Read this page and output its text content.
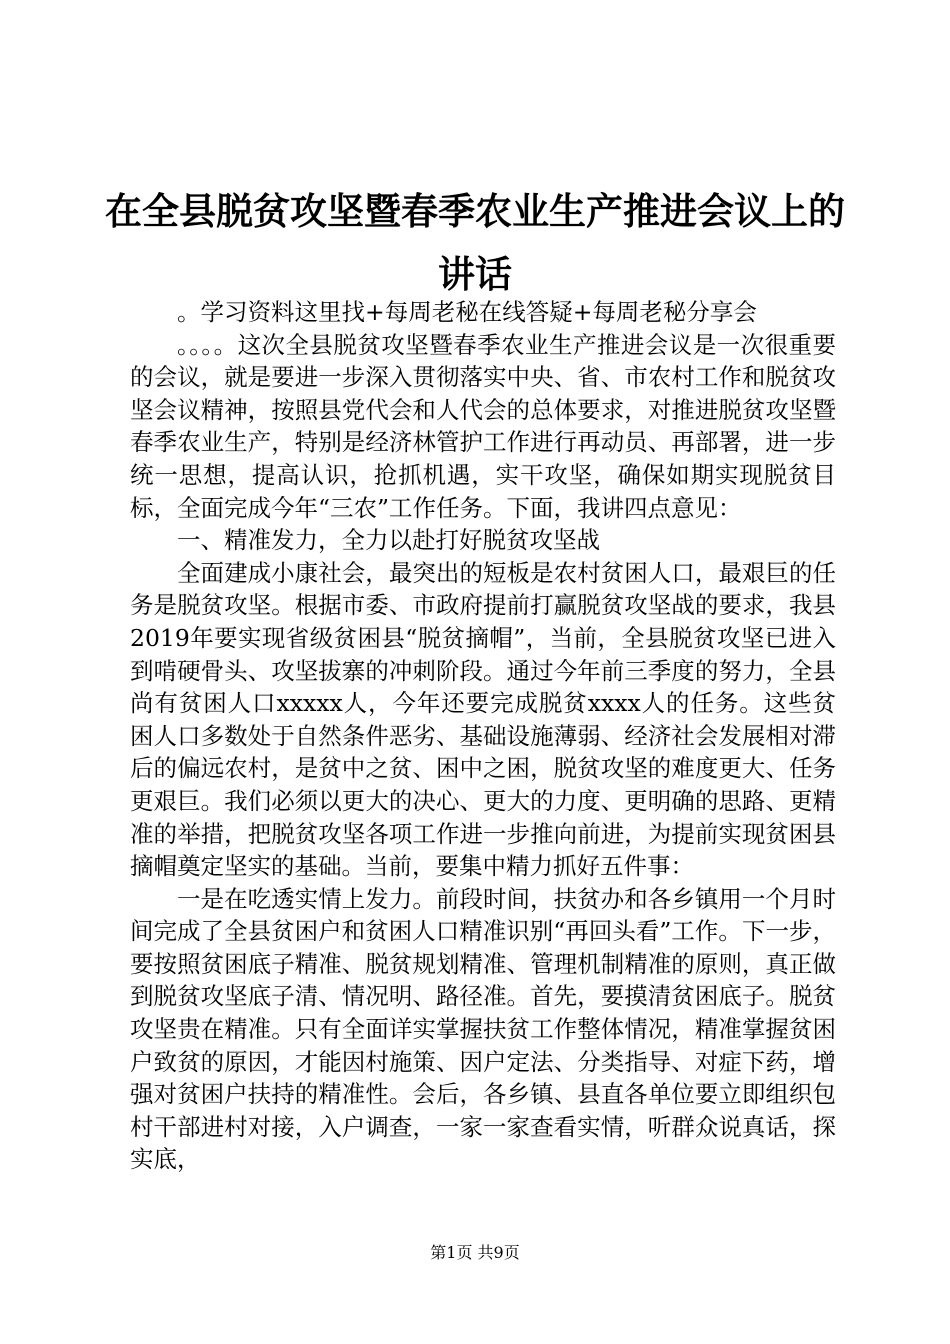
在全县脱贫攻坚暨春季农业生产推进会议上的讲话

。学习资料这里找+每周老秘在线答疑+每周老秘分享会

。。。。这次全县脱贫攻坚暨春季农业生产推进会议是一次很重要的会议，就是要进一步深入贯彻落实中央、省、市农村工作和脱贫攻坚会议精神，按照县党代会和人代会的总体要求，对推进脱贫攻坚暨春季农业生产，特别是经济林管护工作进行再动员、再部署，进一步统一思想，提高认识，抢抓机遇，实干攻坚，确保如期实现脱贫目标，全面完成今年“三农”工作任务。下面，我讲四点意见：

一、精准发力，全力以赴打好脱贫攻坚战

全面建成小康社会，最突出的短板是农村贫困人口，最艰巨的任务是脱贫攻坚。根据市委、市政府提前打赢脱贫攻坚战的要求，我县2019年要实现省级贫困县“脱贫摘帽”，当前，全县脱贫攻坚已进入到啃硬骨头、攻坚拔寨的冲刺阶段。通过今年前三季度的努力，全县尚有贫困人口xxxxx人，今年还要完成脱贫xxxx人的任务。这些贫困人口多数处于自然条件恶劣、基础设施薄弱、经济社会发展相对滞后的偏远农村，是贫中之贫、困中之困，脱贫攻坚的难度更大、任务更艰巨。我们必须以更大的决心、更大的力度、更明确的思路、更精准的举措，把脱贫攻坚各项工作进一步推向前进，为提前实现贫困县摘帽奠定坚实的基础。当前，要集中精力抓好五件事：

一是在吃透实情上发力。前段时间，扶贫办和各乡镇用一个月时间完成了全县贫困户和贫困人口精准识别“再回头看”工作。下一步，要按照贫困底子精准、脱贫规划精准、管理机制精准的原则，真正做到脱贫攻坚底子清、情况明、路径准。首先，要摸清贫困底子。脱贫攻坚贵在精准。只有全面详实掌握扶贫工作整体情况，精准掌握贫困户致贫的原因，才能因村施策、因户定法、分类指导、对症下药，增强对贫困户扶持的精准性。会后，各乡镇、县直各单位要立即组织包村干部进村对接，入户调查，一家一家查看实情，听群众说真话，探实底，

第1页 共9页
